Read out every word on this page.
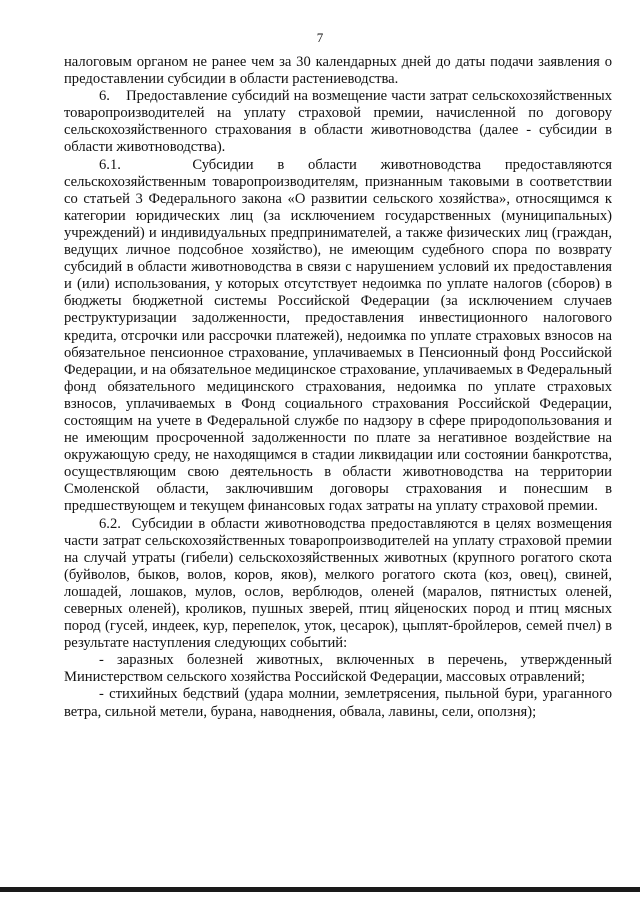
7

налоговым органом не ранее чем за 30 календарных дней до даты подачи заявления о предоставлении субсидии в области растениеводства.

6.    Предоставление субсидий на возмещение части затрат сельскохозяйственных товаропроизводителей на уплату страховой премии, начисленной по договору сельскохозяйственного страхования в области животноводства (далее - субсидии в области животноводства).

6.1.   Субсидии в области животноводства предоставляются сельскохозяйственным товаропроизводителям, признанным таковыми в соответствии со статьей 3 Федерального закона «О развитии сельского хозяйства», относящимся к категории юридических лиц (за исключением государственных (муниципальных) учреждений) и индивидуальных предпринимателей, а также физических лиц (граждан, ведущих личное подсобное хозяйство), не имеющим судебного спора по возврату субсидий в области животноводства в связи с нарушением условий их предоставления и (или) использования, у которых отсутствует недоимка по уплате налогов (сборов) в бюджеты бюджетной системы Российской Федерации (за исключением случаев реструктуризации задолженности, предоставления инвестиционного налогового кредита, отсрочки или рассрочки платежей), недоимка по уплате страховых взносов на обязательное пенсионное страхование, уплачиваемых в Пенсионный фонд Российской Федерации, и на обязательное медицинское страхование, уплачиваемых в Федеральный фонд обязательного медицинского страхования, недоимка по уплате страховых взносов, уплачиваемых в Фонд социального страхования Российской Федерации, состоящим на учете в Федеральной службе по надзору в сфере природопользования и не имеющим просроченной задолженности по плате за негативное воздействие на окружающую среду, не находящимся в стадии ликвидации или состоянии банкротства, осуществляющим свою деятельность в области животноводства на территории Смоленской области, заключившим договоры страхования и понесшим в предшествующем и текущем финансовых годах затраты на уплату страховой премии.

6.2.  Субсидии в области животноводства предоставляются в целях возмещения части затрат сельскохозяйственных товаропроизводителей на уплату страховой премии на случай утраты (гибели) сельскохозяйственных животных (крупного рогатого скота (буйволов, быков, волов, коров, яков), мелкого рогатого скота (коз, овец), свиней, лошадей, лошаков, мулов, ослов, верблюдов, оленей (маралов, пятнистых оленей, северных оленей), кроликов, пушных зверей, птиц яйценоских пород и птиц мясных пород (гусей, индеек, кур, перепелок, уток, цесарок), цыплят-бройлеров, семей пчел) в результате наступления следующих событий:

- заразных болезней животных, включенных в перечень, утвержденный Министерством сельского хозяйства Российской Федерации, массовых отравлений;

- стихийных бедствий (удара молнии, землетрясения, пыльной бури, ураганного ветра, сильной метели, бурана, наводнения, обвала, лавины, сели, оползня);
